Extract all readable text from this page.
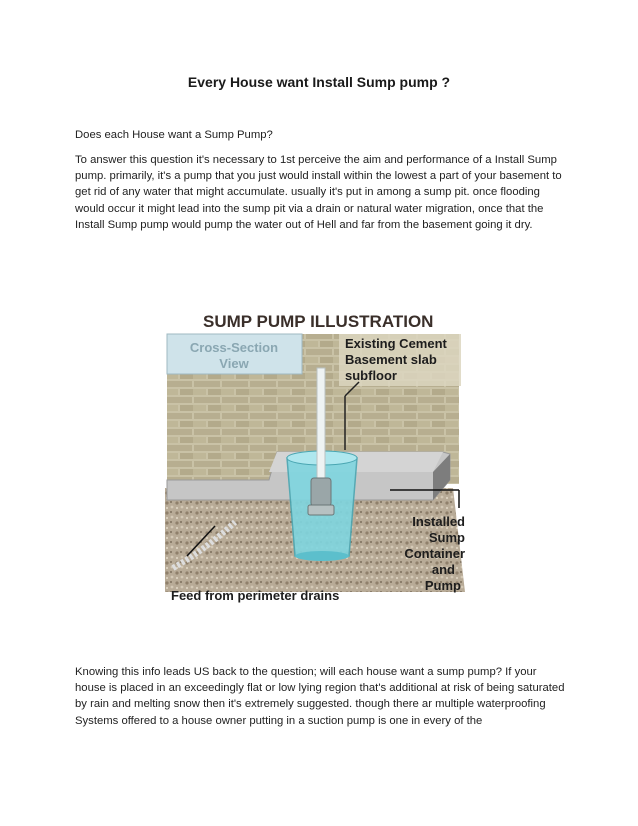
Every House want Install Sump pump ?

Does each House want a Sump Pump?

To answer this question it's necessary to 1st perceive the aim and performance of a Install Sump pump. primarily, it's a pump that you just would install within the lowest a part of your basement to get rid of any water that might accumulate. usually it's put in among a sump pit. once flooding would occur it might lead into the sump pit via a drain or natural water migration, once that the Install Sump pump would pump the water out of Hell and far from the basement going it dry.

SUMP PUMP ILLUSTRATION
Cross-Section
View
Existing Cement
Basement slab
subfloor
Installed
Sump
Container
and
Pump
Feed from perimeter drains

Knowing this info leads US back to the question; will each house want a sump pump? If your house is placed in an exceedingly flat or low lying region that's additional at risk of being saturated by rain and melting snow then it's extremely suggested. though there ar multiple waterproofing Systems offered to a house owner putting in a suction pump is one in every of the
